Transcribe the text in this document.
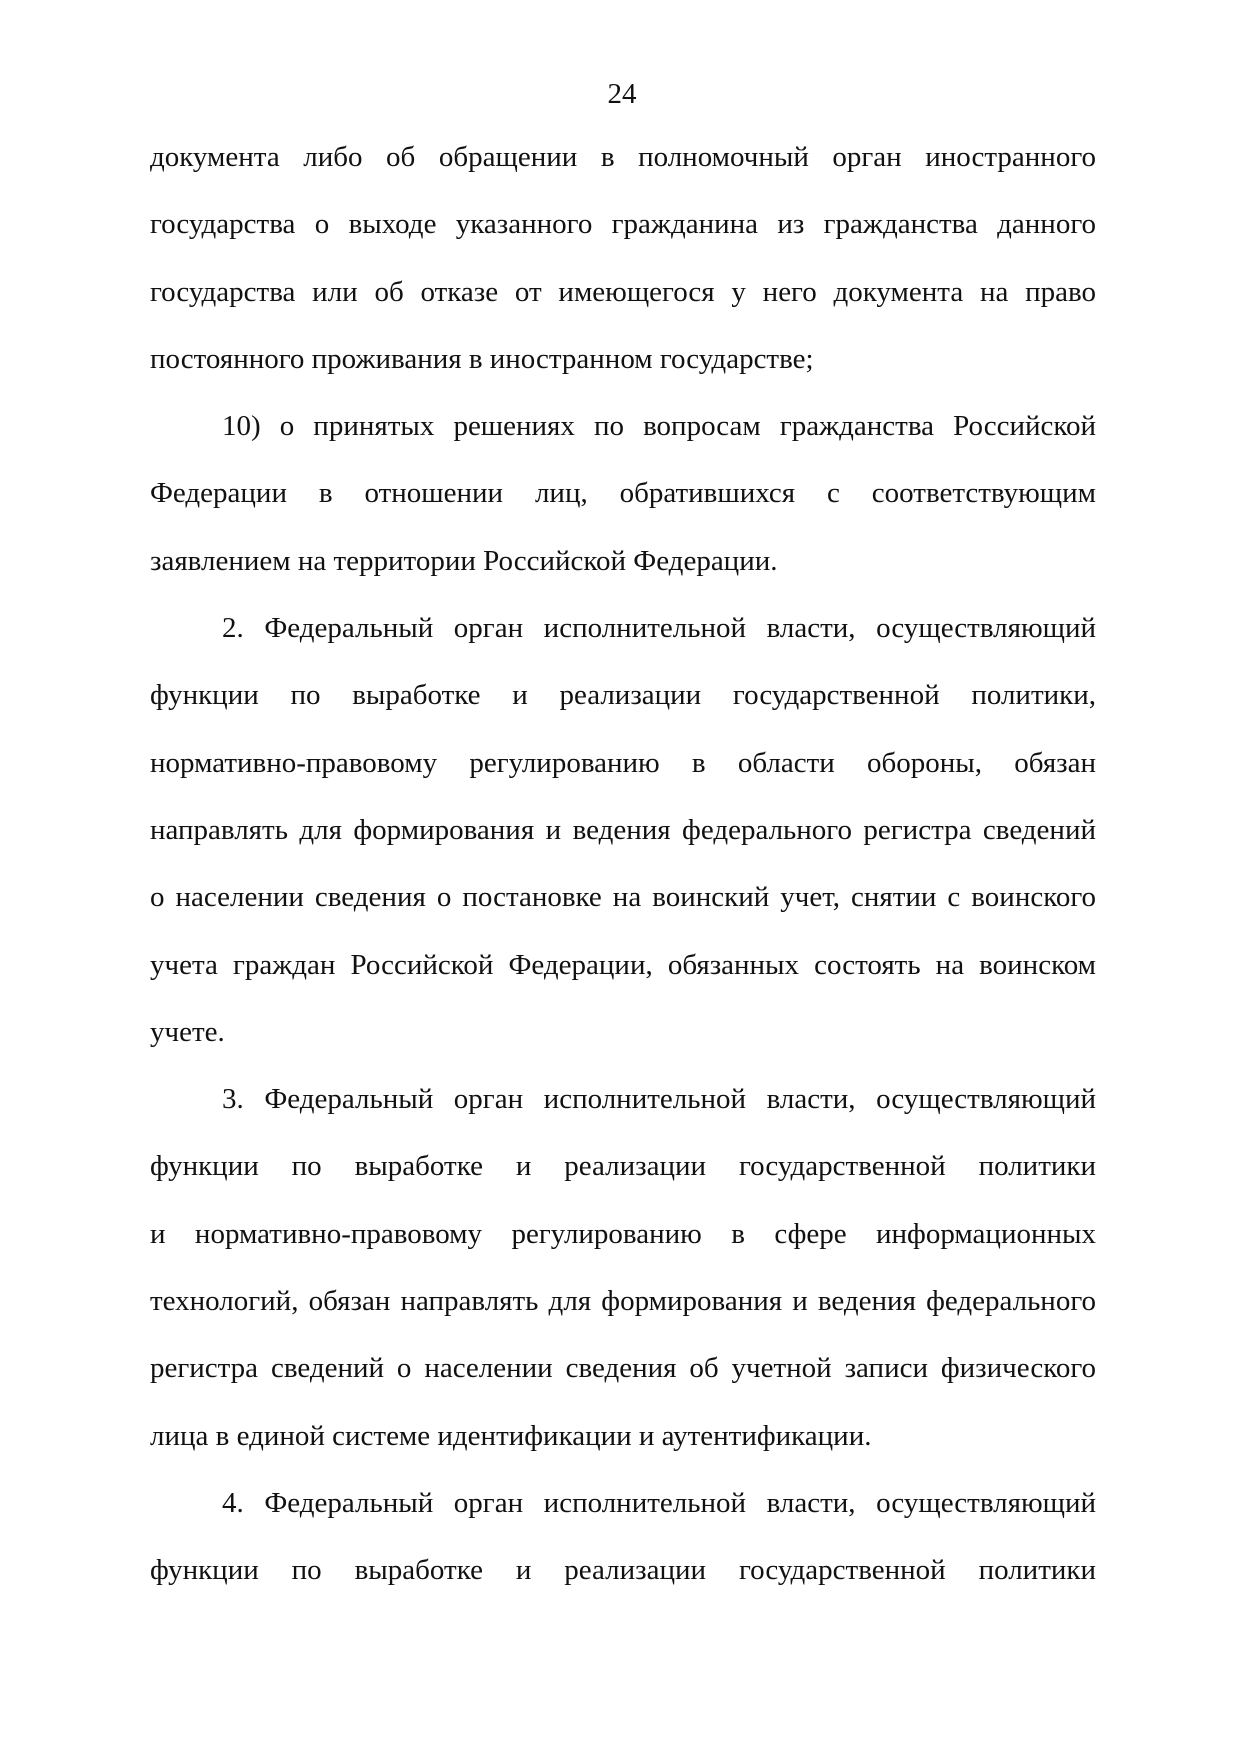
24
документа либо об обращении в полномочный орган иностранного
государства о выходе указанного гражданина из гражданства данного
государства или об отказе от имеющегося у него документа на право
постоянного проживания в иностранном государстве;
10) о принятых решениях по вопросам гражданства Российской
Федерации в отношении лиц, обратившихся с соответствующим
заявлением на территории Российской Федерации.
2. Федеральный орган исполнительной власти, осуществляющий
функции по выработке и реализации государственной политики,
нормативно-правовому регулированию в области обороны, обязан
направлять для формирования и ведения федерального регистра сведений
о населении сведения о постановке на воинский учет, снятии с воинского
учета граждан Российской Федерации, обязанных состоять на воинском
учете.
3. Федеральный орган исполнительной власти, осуществляющий
функции по выработке и реализации государственной политики
и нормативно-правовому регулированию в сфере информационных
технологий, обязан направлять для формирования и ведения федерального
регистра сведений о населении сведения об учетной записи физического
лица в единой системе идентификации и аутентификации.
4. Федеральный орган исполнительной власти, осуществляющий
функции по выработке и реализации государственной политики
